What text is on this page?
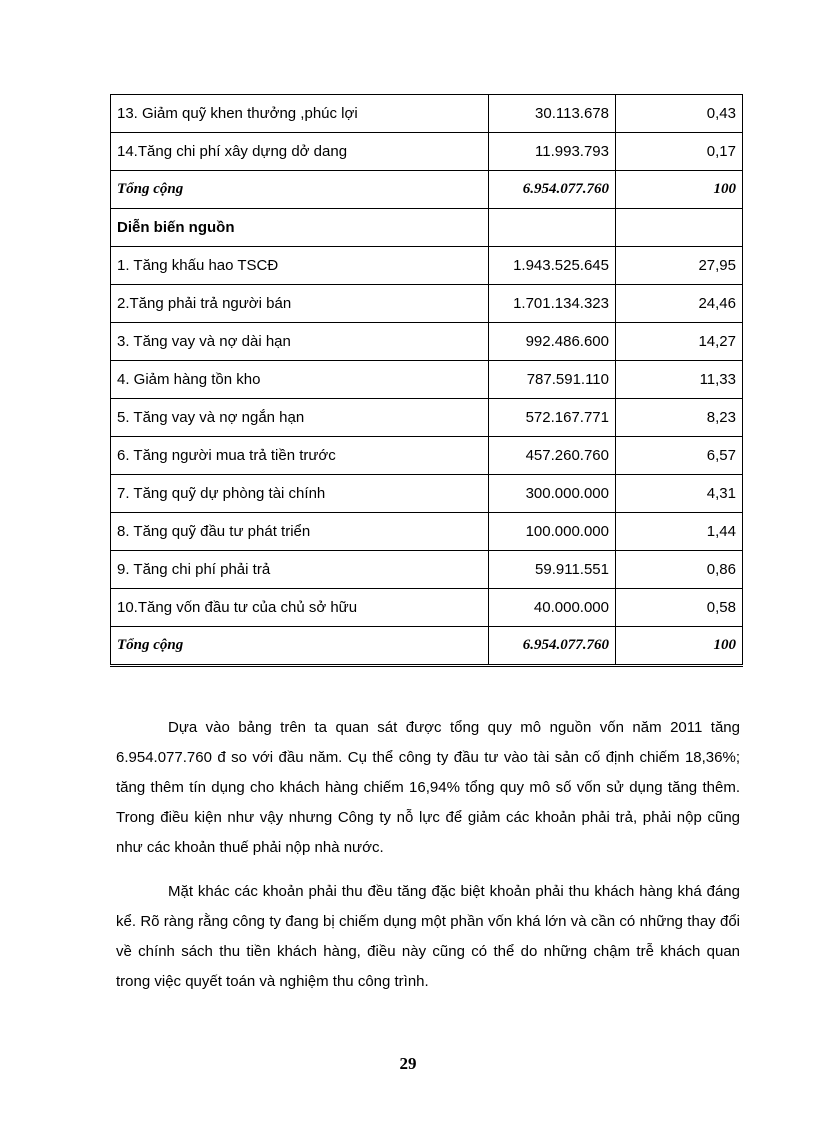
13. Giảm quỹ khen thưởng ,phúc lợi	30.113.678	0,43
14.Tăng chi phí xây dựng dở dang	11.993.793	0,17
Tổng cộng	6.954.077.760	100
Diễn biến nguồn		
1. Tăng khấu hao TSCĐ	1.943.525.645	27,95
2.Tăng phải trả người bán	1.701.134.323	24,46
3. Tăng vay và nợ dài hạn	992.486.600	14,27
4. Giảm hàng tồn kho	787.591.110	11,33
5. Tăng vay và nợ ngắn hạn	572.167.771	8,23
6. Tăng người mua trả tiền trước	457.260.760	6,57
7. Tăng quỹ dự phòng tài chính	300.000.000	4,31
8. Tăng quỹ đầu tư phát triển	100.000.000	1,44
9. Tăng chi phí phải trả	59.911.551	0,86
10.Tăng vốn đầu tư của chủ sở hữu	40.000.000	0,58
Tổng cộng	6.954.077.760	100

Dựa vào bảng trên ta quan sát được tổng quy mô nguồn vốn năm 2011 tăng 6.954.077.760 đ so với đầu năm. Cụ thể công ty đầu tư vào tài sản cố định chiếm 18,36%; tăng thêm tín dụng cho khách hàng chiếm 16,94% tổng quy mô số vốn sử dụng tăng thêm. Trong điều kiện như vậy nhưng Công ty nỗ lực để giảm các khoản phải trả, phải nộp cũng như các khoản thuế phải nộp nhà nước.

Mặt khác các khoản phải thu đều tăng đặc biệt khoản phải thu khách hàng khá đáng kể. Rõ ràng rằng công ty đang bị chiếm dụng một phần vốn khá lớn và cần có những thay đổi về chính sách thu tiền khách hàng, điều này cũng có thể do những chậm trễ khách quan trong việc quyết toán và nghiệm thu công trình.

29
